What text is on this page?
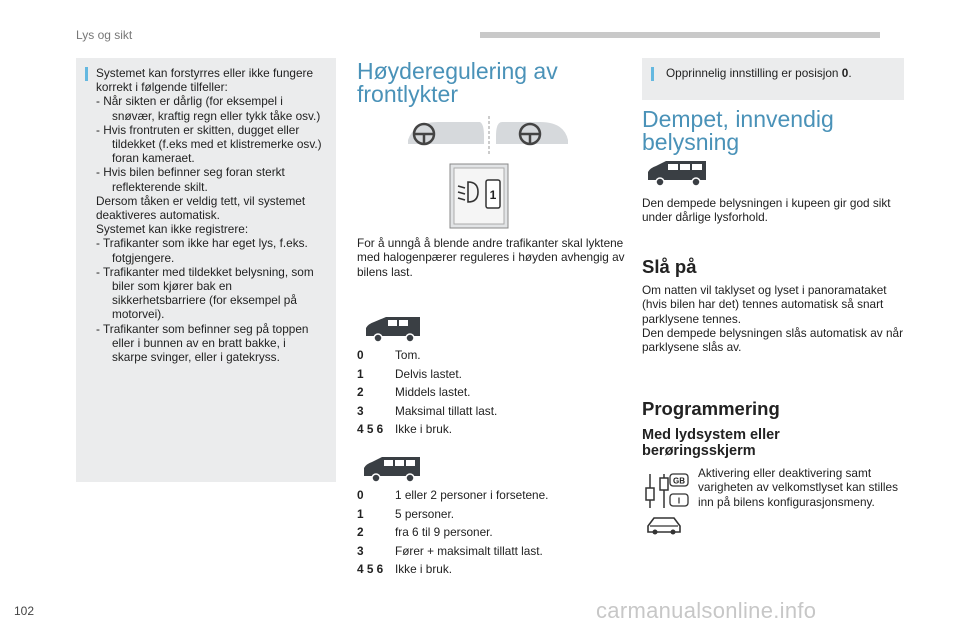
Lys og sikt
Systemet kan forstyrres eller ikke fungere
korrekt i følgende tilfeller:
- Når sikten er dårlig (for eksempel i snøvær, kraftig regn eller tykk tåke osv.)
- Hvis frontruten er skitten, dugget eller tildekket (f.eks med et klistremerke osv.) foran kameraet.
- Hvis bilen befinner seg foran sterkt reflekterende skilt.
Dersom tåken er veldig tett, vil systemet deaktiveres automatisk.
Systemet kan ikke registrere:
- Trafikanter som ikke har eget lys, f.eks. fotgjengere.
- Trafikanter med tildekket belysning, som biler som kjører bak en sikkerhetsbarriere (for eksempel på motorvei).
- Trafikanter som befinner seg på toppen eller i bunnen av en bratt bakke, i skarpe svinger, eller i gatekryss.
Høyderegulering av
frontlykter
1
For å unngå å blende andre trafikanter skal lyktene med halogenpærer reguleres i høyden avhengig av bilens last.
0	Tom.
1	Delvis lastet.
2	Middels lastet.
3	Maksimal tillatt last.
4 5 6 Ikke i bruk.
0	1 eller 2 personer i forsetene.
1	5 personer.
2	fra 6 til 9 personer.
3	Fører + maksimalt tillatt last.
4 5 6 Ikke i bruk.
Opprinnelig innstilling er posisjon 0.
Dempet, innvendig
belysning
Den dempede belysningen i kupeen gir god sikt under dårlige lysforhold.
Slå på
Om natten vil taklyset og lyset i panoramataket (hvis bilen har det) tennes automatisk så snart parklysene tennes.
Den dempede belysningen slås automatisk av når parklysene slås av.
Programmering
Med lydsystem eller
berøringsskjerm
GB
I
Aktivering eller deaktivering samt varigheten av velkomstlyset kan stilles inn på bilens konfigurasjonsmeny.
102	carmanualsonline.info
